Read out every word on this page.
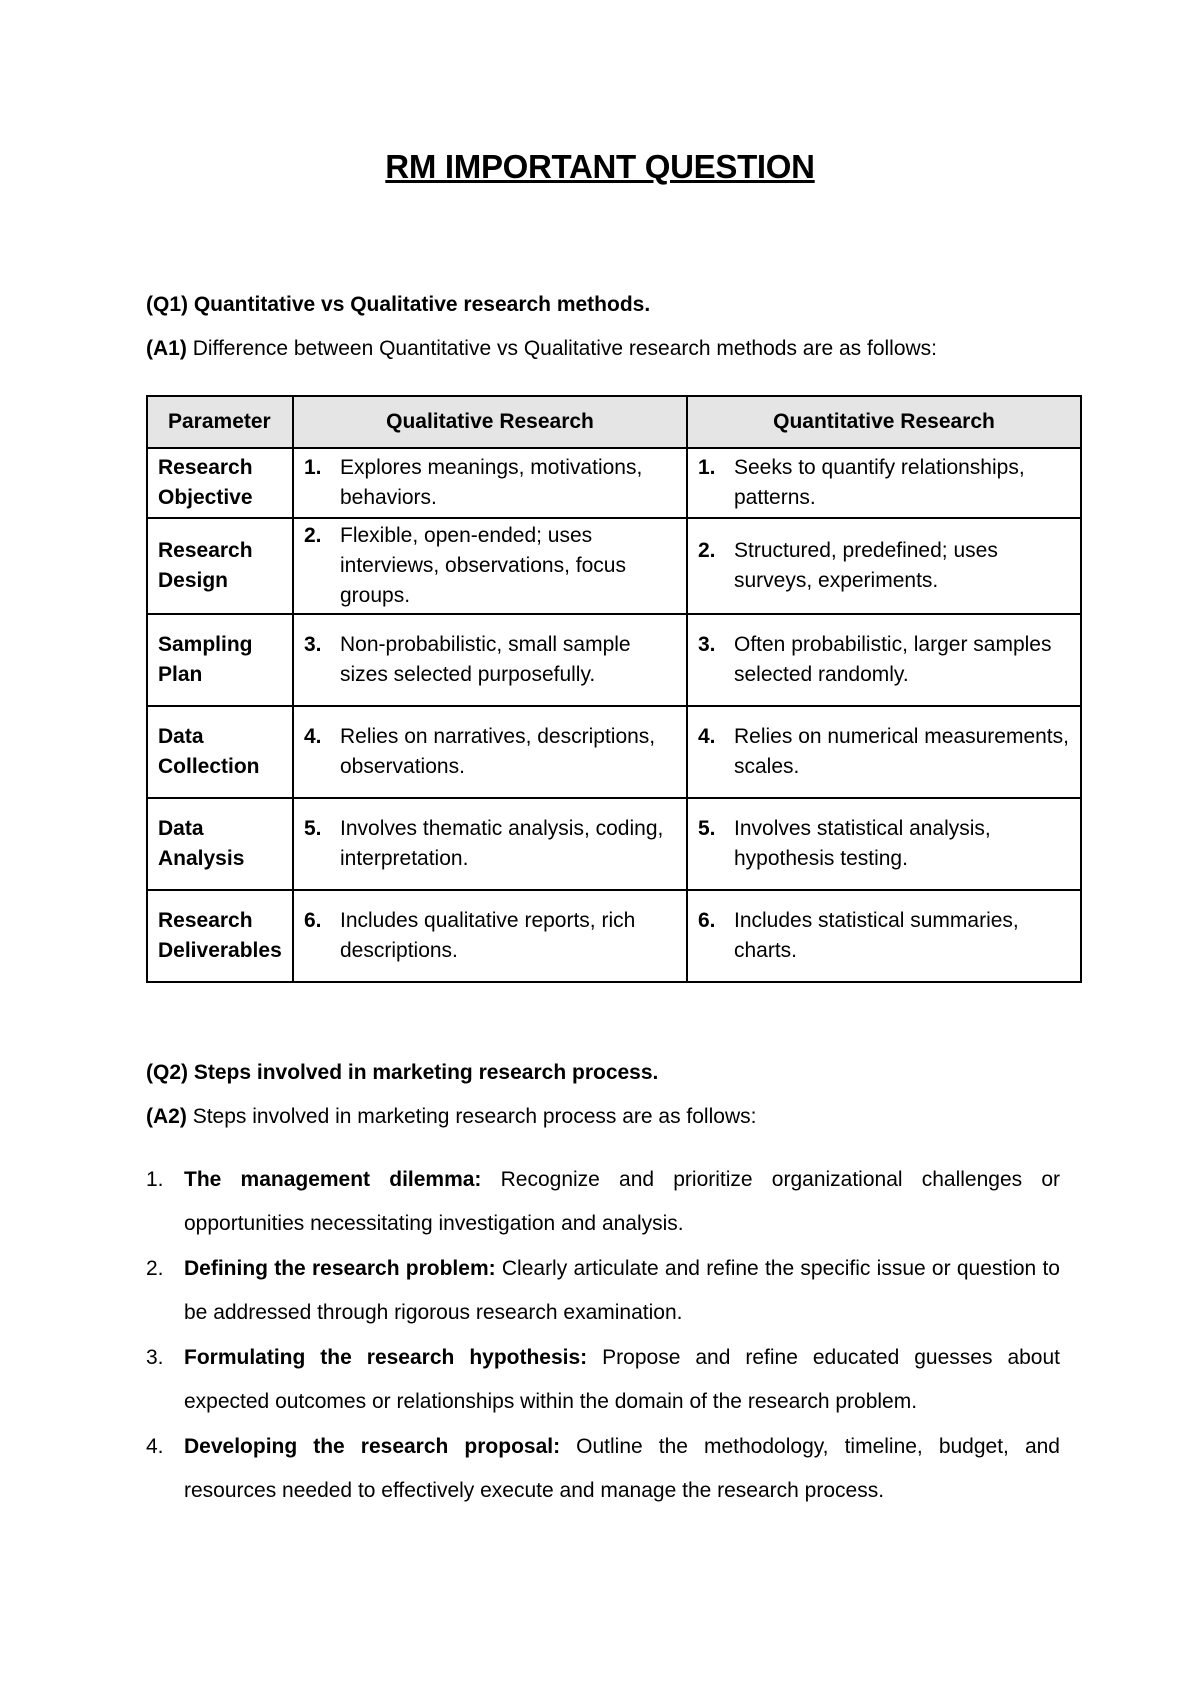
RM IMPORTANT QUESTION
(Q1) Quantitative vs Qualitative research methods.
(A1) Difference between Quantitative vs Qualitative research methods are as follows:
Parameter	Qualitative Research	Quantitative Research
Research Objective	1. Explores meanings, motivations, behaviors.	1. Seeks to quantify relationships, patterns.

Research Design	2. Flexible, open-ended; uses interviews, observations, focus groups.	2. Structured, predefined; uses surveys, experiments.

Sampling Plan	3. Non-probabilistic, small sample sizes selected purposefully.	3. Often probabilistic, larger samples selected randomly.

Data Collection	4. Relies on narratives, descriptions, observations.	4. Relies on numerical measurements, scales.

Data Analysis	5. Involves thematic analysis, coding, interpretation.	5. Involves statistical analysis, hypothesis testing.

Research Deliverables	6. Includes qualitative reports, rich descriptions.	6. Includes statistical summaries, charts.
(Q2) Steps involved in marketing research process.
(A2) Steps involved in marketing research process are as follows:
1. The management dilemma: Recognize and prioritize organizational challenges or opportunities necessitating investigation and analysis.
2. Defining the research problem: Clearly articulate and refine the specific issue or question to be addressed through rigorous research examination.
3. Formulating the research hypothesis: Propose and refine educated guesses about expected outcomes or relationships within the domain of the research problem.
4. Developing the research proposal: Outline the methodology, timeline, budget, and resources needed to effectively execute and manage the research process.
